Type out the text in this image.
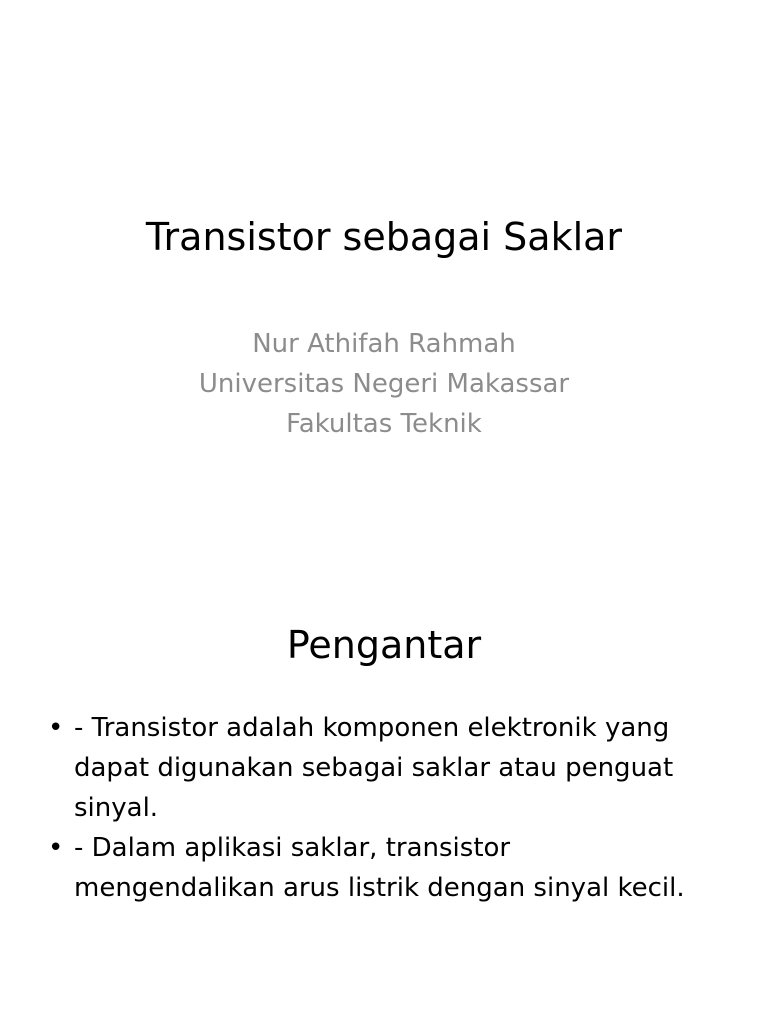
Transistor sebagai Saklar
Nur Athifah Rahmah
Universitas Negeri Makassar
Fakultas Teknik
Pengantar
• - Transistor adalah komponen elektronik yang
dapat digunakan sebagai saklar atau penguat
sinyal.
• - Dalam aplikasi saklar, transistor
mengendalikan arus listrik dengan sinyal kecil.
